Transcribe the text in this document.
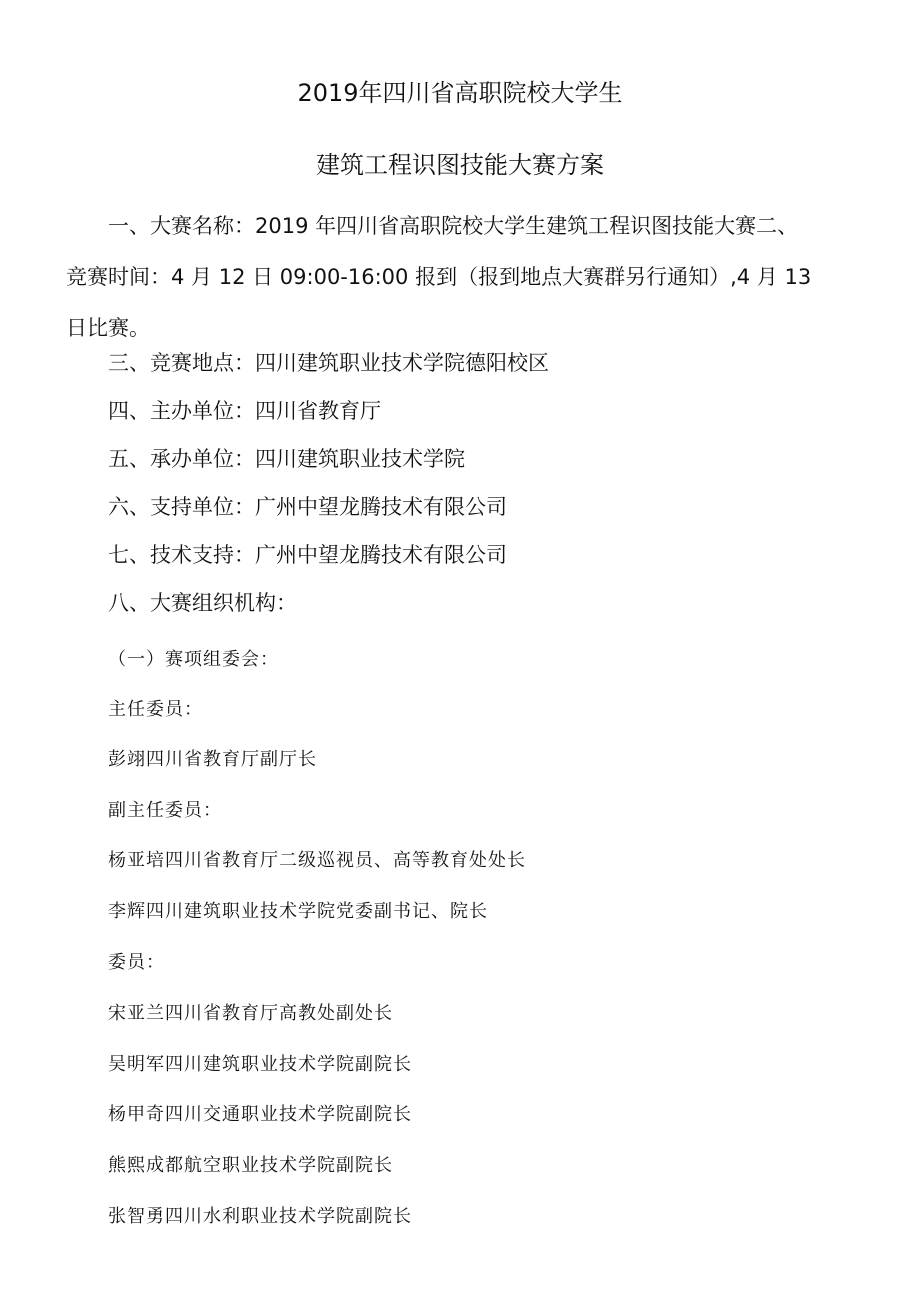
2019年四川省高职院校大学生
建筑工程识图技能大赛方案
一、大赛名称：2019 年四川省高职院校大学生建筑工程识图技能大赛二、
竞赛时间：4 月 12 日 09:00-16:00 报到（报到地点大赛群另行通知）,4 月 13
日比赛。
三、竞赛地点：四川建筑职业技术学院德阳校区
四、主办单位：四川省教育厅
五、承办单位：四川建筑职业技术学院
六、支持单位：广州中望龙腾技术有限公司
七、技术支持：广州中望龙腾技术有限公司
八、大赛组织机构：
（一）赛项组委会：
主任委员：
彭翊四川省教育厅副厅长
副主任委员：
杨亚培四川省教育厅二级巡视员、高等教育处处长
李辉四川建筑职业技术学院党委副书记、院长
委员：
宋亚兰四川省教育厅高教处副处长
吴明军四川建筑职业技术学院副院长
杨甲奇四川交通职业技术学院副院长
熊熙成都航空职业技术学院副院长
张智勇四川水利职业技术学院副院长
